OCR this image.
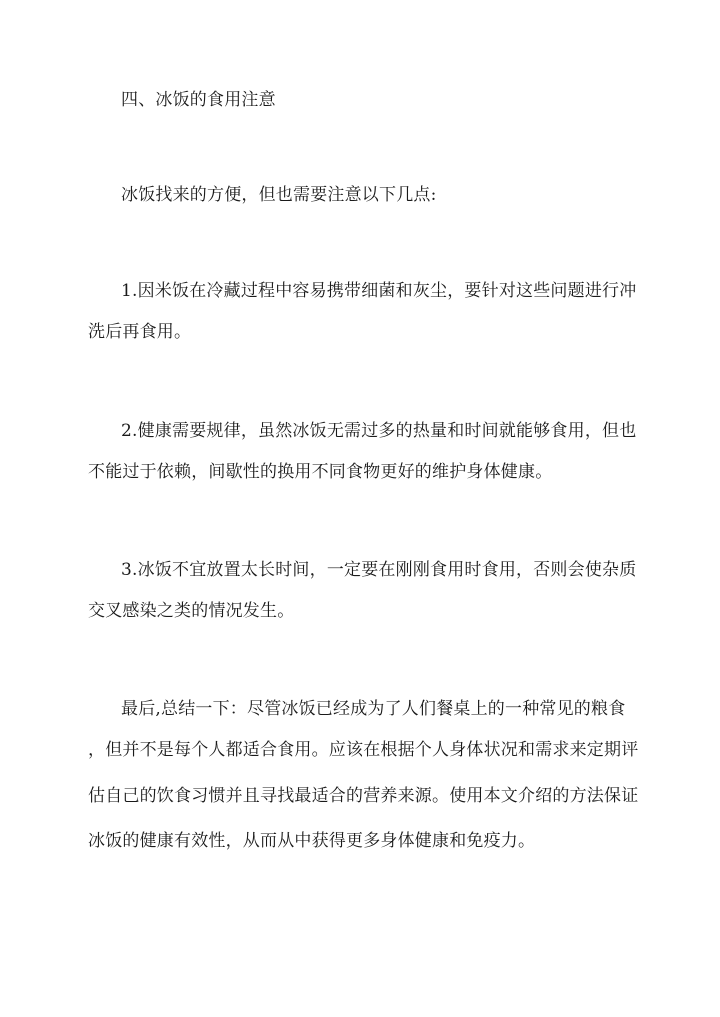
四、冰饭的食用注意
冰饭找来的方便，但也需要注意以下几点:
1.因米饭在冷藏过程中容易携带细菌和灰尘，要针对这些问题进行冲
洗后再食用。
2.健康需要规律，虽然冰饭无需过多的热量和时间就能够食用，但也
不能过于依赖，间歇性的换用不同食物更好的维护身体健康。
3.冰饭不宜放置太长时间，一定要在刚刚食用时食用，否则会使杂质
交叉感染之类的情况发生。
最后,总结一下：尽管冰饭已经成为了人们餐桌上的一种常见的粮食
，但并不是每个人都适合食用。应该在根据个人身体状况和需求来定期评
估自己的饮食习惯并且寻找最适合的营养来源。使用本文介绍的方法保证
冰饭的健康有效性，从而从中获得更多身体健康和免疫力。
